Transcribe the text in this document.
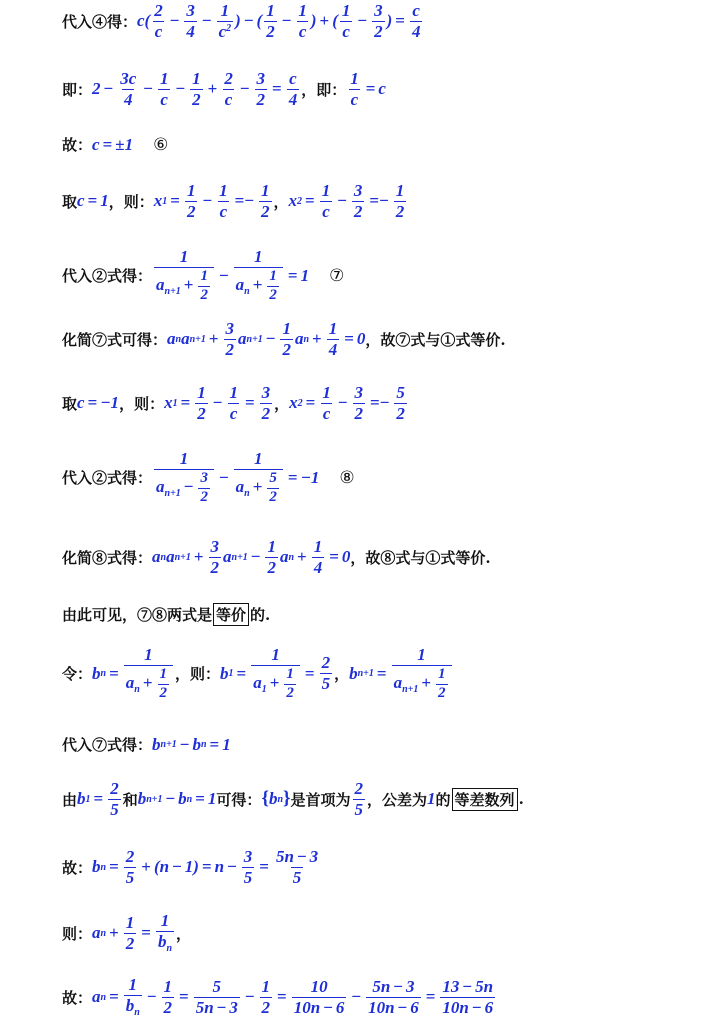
代入④得： $c( \frac{2}{c} - \frac{3}{4} - \frac{1}{c^2}$ ) − ( $\frac{1}{2} - \frac{1}{c}$ ) + ( $\frac{1}{c} - \frac{3}{2}$ ) = $\frac{c}{4}$
即： $2 - \frac{3c}{4} - \frac{1}{c} - \frac{1}{2} + \frac{2}{c} - \frac{3}{2} = \frac{c}{4}$ ，即： $\frac{1}{c} = c$
故： c = ±1 ⑥
取 c = 1 ，则： x $1 = \frac{1}{2} - \frac{1}{c} =- \frac{1}{2}$ ， x $2 = \frac{1}{c} - \frac{3}{2} =- \frac{1}{2}$
代入②式得： $\frac{1}{a_{n+1} + \frac{1}{2}} - \frac{1}{a_n + \frac{1}{2}} = 1$ ⑦
化简⑦式可得： a n a $n+1 + \frac{3}{2}$ a $n+1 - \frac{1}{2}$ a $n + \frac{1}{4} = 0$ ，故⑦式与①式等价.
取 c = −1 ，则： x $1 = \frac{1}{2} - \frac{1}{c} = \frac{3}{2}$ ， x $2 = \frac{1}{c} - \frac{3}{2} =- \frac{5}{2}$
代入②式得： $\frac{1}{a_{n+1} - \frac{3}{2}} - \frac{1}{a_n + \frac{5}{2}} = -1$ ⑧
化简⑧式得： a n a $n+1 + \frac{3}{2}$ a $n+1 - \frac{1}{2}$ a $n + \frac{1}{4} = 0$ ，故⑧式与①式等价.
由此可见，⑦⑧两式是 等价 的.
令： b $n = \frac{1}{a_n + \frac{1}{2}}$ ，则： b $1 = \frac{1}{a_1 + \frac{1}{2}} = \frac{2}{5}$ ， b $n+1 = \frac{1}{a_{n+1} + \frac{1}{2}}$
代入⑦式得： b n+1 − b n = 1
由 b $1 = \frac{2}{5}$ 和 b n+1 − b n = 1 可得： { b n } 是首项为 $\frac{2}{5}$ ，公差为 1 的 等差数列 .
故： b $n = \frac{2}{5} + (n - 1) = n - \frac{3}{5} = \frac{5n - 3}{5}$
则： a $n + \frac{1}{2} = \frac{1}{b_n}$ ，
故： a $n = \frac{1}{b_n} - \frac{1}{2} = \frac{5}{5n - 3} - \frac{1}{2} = \frac{10}{10n - 6} - \frac{5n - 3}{10n - 6} = \frac{13 - 5n}{10n - 6}$
